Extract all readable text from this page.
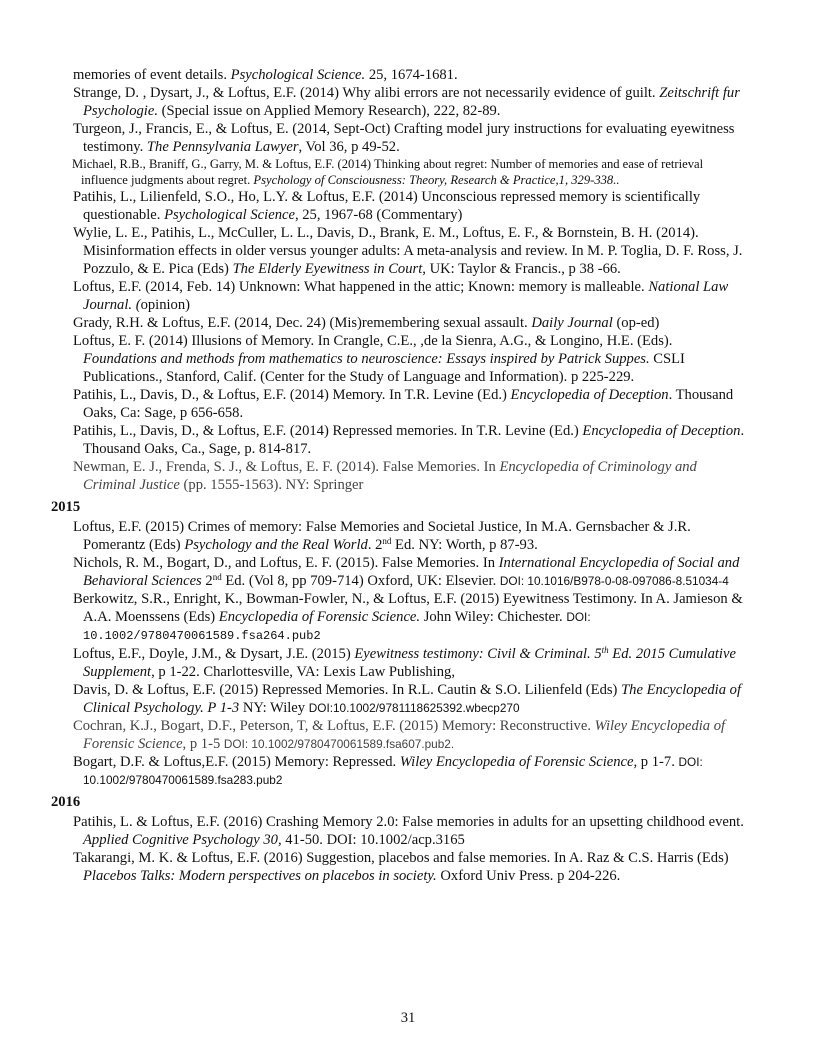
memories of event details. Psychological Science. 25, 1674-1681.

Strange, D. , Dysart, J., & Loftus, E.F. (2014) Why alibi errors are not necessarily evidence of guilt. Zeitschrift fur Psychologie. (Special issue on Applied Memory Research), 222, 82-89.

Turgeon, J., Francis, E., & Loftus, E. (2014, Sept-Oct) Crafting model jury instructions for evaluating eyewitness testimony. The Pennsylvania Lawyer, Vol 36, p 49-52.

Michael, R.B., Braniff, G., Garry, M. & Loftus, E.F. (2014) Thinking about regret: Number of memories and ease of retrieval influence judgments about regret. Psychology of Consciousness: Theory, Research & Practice,1, 329-338..

Patihis, L., Lilienfeld, S.O., Ho, L.Y. & Loftus, E.F. (2014) Unconscious repressed memory is scientifically questionable. Psychological Science, 25, 1967-68 (Commentary)

Wylie, L. E., Patihis, L., McCuller, L. L., Davis, D., Brank, E. M., Loftus, E. F., & Bornstein, B. H. (2014). Misinformation effects in older versus younger adults: A meta-analysis and review. In M. P. Toglia, D. F. Ross, J. Pozzulo, & E. Pica (Eds) The Elderly Eyewitness in Court, UK: Taylor & Francis., p 38 -66.

Loftus, E.F. (2014, Feb. 14) Unknown: What happened in the attic; Known: memory is malleable. National Law Journal. (opinion)

Grady, R.H. & Loftus, E.F. (2014, Dec. 24) (Mis)remembering sexual assault. Daily Journal (op-ed)

Loftus, E. F. (2014) Illusions of Memory. In Crangle, C.E., ,de la Sienra, A.G., & Longino, H.E. (Eds). Foundations and methods from mathematics to neuroscience: Essays inspired by Patrick Suppes. CSLI Publications., Stanford, Calif. (Center for the Study of Language and Information). p 225-229.

Patihis, L., Davis, D., & Loftus, E.F. (2014) Memory. In T.R. Levine (Ed.) Encyclopedia of Deception. Thousand Oaks, Ca: Sage, p 656-658.

Patihis, L., Davis, D., & Loftus, E.F. (2014) Repressed memories. In T.R. Levine (Ed.) Encyclopedia of Deception. Thousand Oaks, Ca., Sage, p. 814-817.

Newman, E. J., Frenda, S. J., & Loftus, E. F. (2014). False Memories. In Encyclopedia of Criminology and Criminal Justice (pp. 1555-1563). NY: Springer

2015

Loftus, E.F. (2015) Crimes of memory: False Memories and Societal Justice, In M.A. Gernsbacher & J.R. Pomerantz (Eds) Psychology and the Real World. 2nd Ed. NY: Worth, p 87-93.

Nichols, R. M., Bogart, D., and Loftus, E. F. (2015). False Memories. In International Encyclopedia of Social and Behavioral Sciences 2nd Ed. (Vol 8, pp 709-714) Oxford, UK: Elsevier. DOI: 10.1016/B978-0-08-097086-8.51034-4

Berkowitz, S.R., Enright, K., Bowman-Fowler, N., & Loftus, E.F. (2015) Eyewitness Testimony. In A. Jamieson & A.A. Moenssens (Eds) Encyclopedia of Forensic Science. John Wiley: Chichester. DOI: 10.1002/9780470061589.fsa264.pub2

Loftus, E.F., Doyle, J.M., & Dysart, J.E. (2015) Eyewitness testimony: Civil & Criminal. 5th Ed. 2015 Cumulative Supplement, p 1-22. Charlottesville, VA: Lexis Law Publishing,

Davis, D. & Loftus, E.F. (2015) Repressed Memories. In R.L. Cautin & S.O. Lilienfeld (Eds) The Encyclopedia of Clinical Psychology. P 1-3 NY: Wiley DOI:10.1002/9781118625392.wbecp270

Cochran, K.J., Bogart, D.F., Peterson, T, & Loftus, E.F. (2015) Memory: Reconstructive. Wiley Encyclopedia of Forensic Science, p 1-5 DOI: 10.1002/9780470061589.fsa607.pub2.

Bogart, D.F. & Loftus,E.F. (2015) Memory: Repressed. Wiley Encyclopedia of Forensic Science, p 1-7. DOI: 10.1002/9780470061589.fsa283.pub2

2016

Patihis, L. & Loftus, E.F. (2016) Crashing Memory 2.0: False memories in adults for an upsetting childhood event. Applied Cognitive Psychology 30, 41-50. DOI: 10.1002/acp.3165

Takarangi, M. K. & Loftus, E.F. (2016) Suggestion, placebos and false memories. In A. Raz & C.S. Harris (Eds) Placebos Talks: Modern perspectives on placebos in society. Oxford Univ Press. p 204-226.

31
